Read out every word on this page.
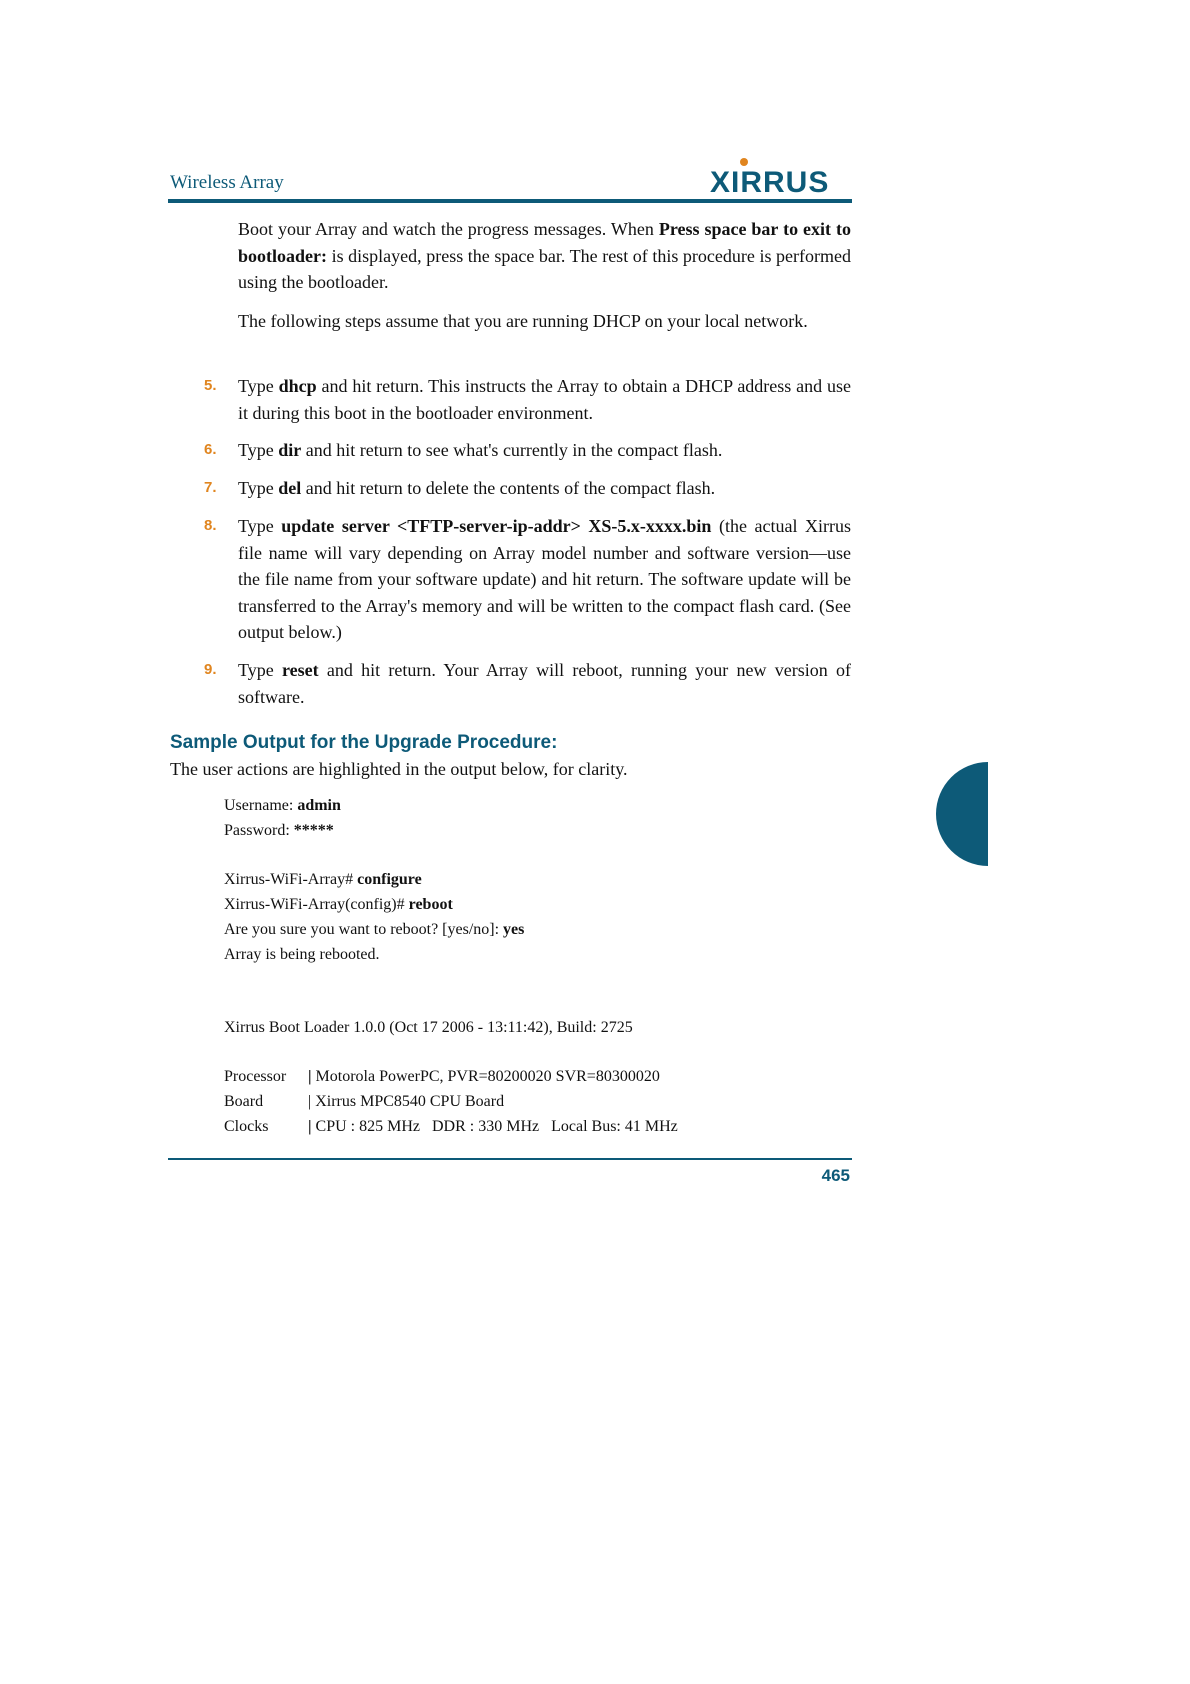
Wireless Array	XIRRUS

Boot your Array and watch the progress messages. When Press space bar to exit to bootloader: is displayed, press the space bar. The rest of this procedure is performed using the bootloader.

The following steps assume that you are running DHCP on your local network.

5.	Type dhcp and hit return. This instructs the Array to obtain a DHCP address and use it during this boot in the bootloader environment.
6.	Type dir and hit return to see what's currently in the compact flash.
7.	Type del and hit return to delete the contents of the compact flash.
8.	Type update server <TFTP-server-ip-addr> XS-5.x-xxxx.bin (the actual Xirrus file name will vary depending on Array model number and software version—use the file name from your software update) and hit return. The software update will be transferred to the Array's memory and will be written to the compact flash card. (See output below.)
9.	Type reset and hit return. Your Array will reboot, running your new version of software.
Sample Output for the Upgrade Procedure:
The user actions are highlighted in the output below, for clarity.
Username: admin
Password: *****
Xirrus-WiFi-Array# configure
Xirrus-WiFi-Array(config)# reboot
Are you sure you want to reboot? [yes/no]: yes
Array is being rebooted.
Xirrus Boot Loader 1.0.0 (Oct 17 2006 - 13:11:42), Build: 2725
Processor | Motorola PowerPC, PVR=80200020 SVR=80300020
Board	| Xirrus MPC8540 CPU Board
Clocks | CPU : 825 MHz   DDR : 330 MHz   Local Bus: 41 MHz
465
